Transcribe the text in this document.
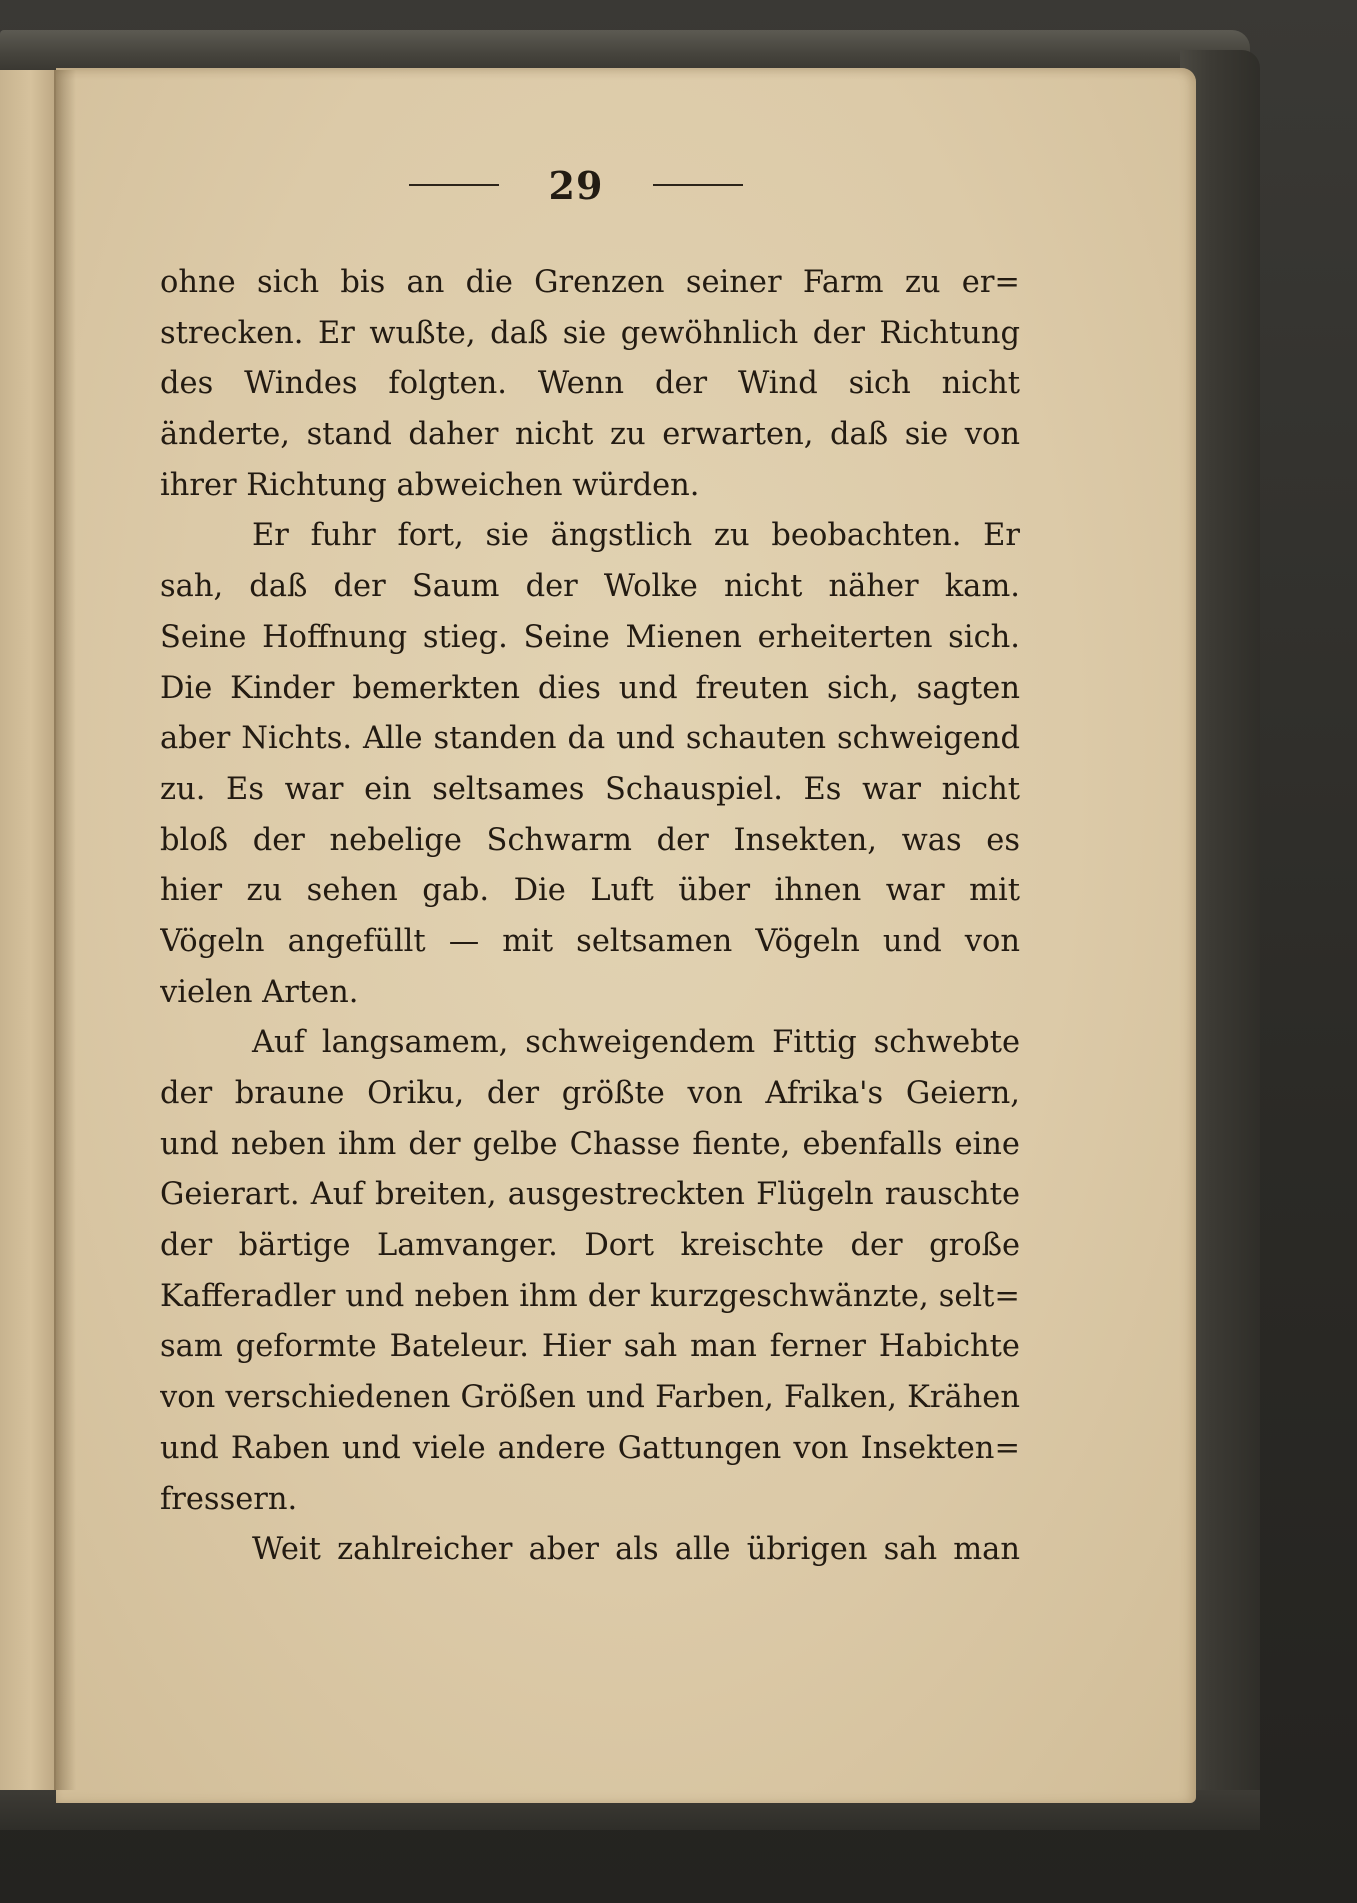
29
ohne sich bis an die Grenzen seiner Farm zu er=
strecken. Er wußte, daß sie gewöhnlich der Richtung
des Windes folgten. Wenn der Wind sich nicht
änderte, stand daher nicht zu erwarten, daß sie von
ihrer Richtung abweichen würden.
Er fuhr fort, sie ängstlich zu beobachten. Er
sah, daß der Saum der Wolke nicht näher kam.
Seine Hoffnung stieg. Seine Mienen erheiterten sich.
Die Kinder bemerkten dies und freuten sich, sagten
aber Nichts. Alle standen da und schauten schweigend
zu. Es war ein seltsames Schauspiel. Es war nicht
bloß der nebelige Schwarm der Insekten, was es
hier zu sehen gab. Die Luft über ihnen war mit
Vögeln angefüllt — mit seltsamen Vögeln und von
vielen Arten.
Auf langsamem, schweigendem Fittig schwebte
der braune Oriku, der größte von Afrika's Geiern,
und neben ihm der gelbe Chasse fiente, ebenfalls eine
Geierart. Auf breiten, ausgestreckten Flügeln rauschte
der bärtige Lamvanger. Dort kreischte der große
Kafferadler und neben ihm der kurzgeschwänzte, selt=
sam geformte Bateleur. Hier sah man ferner Habichte
von verschiedenen Größen und Farben, Falken, Krähen
und Raben und viele andere Gattungen von Insekten=
fressern.
Weit zahlreicher aber als alle übrigen sah man
